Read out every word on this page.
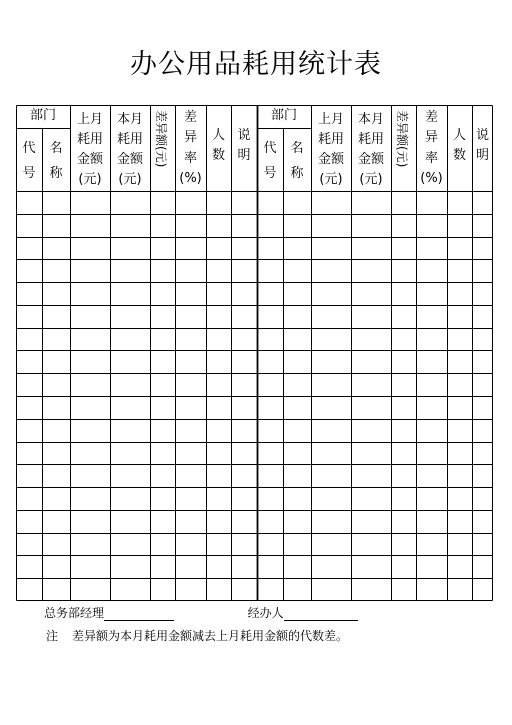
办公用品耗用统计表
部门
代
号
名
称
上月
耗用
金额
(元)
本月
耗用
金额
(元)
差异额(元) 差
异
率
(%)
人
数
说
明
部门
代
号
名
称
上月
耗用
金额
(元)
本月
耗用
金额
(元)
差异额(元) 差
异
率
(%)
人
数
说
明
总务部经理	经办人
注 差异额为本月耗用金额减去上月耗用金额的代数差。
